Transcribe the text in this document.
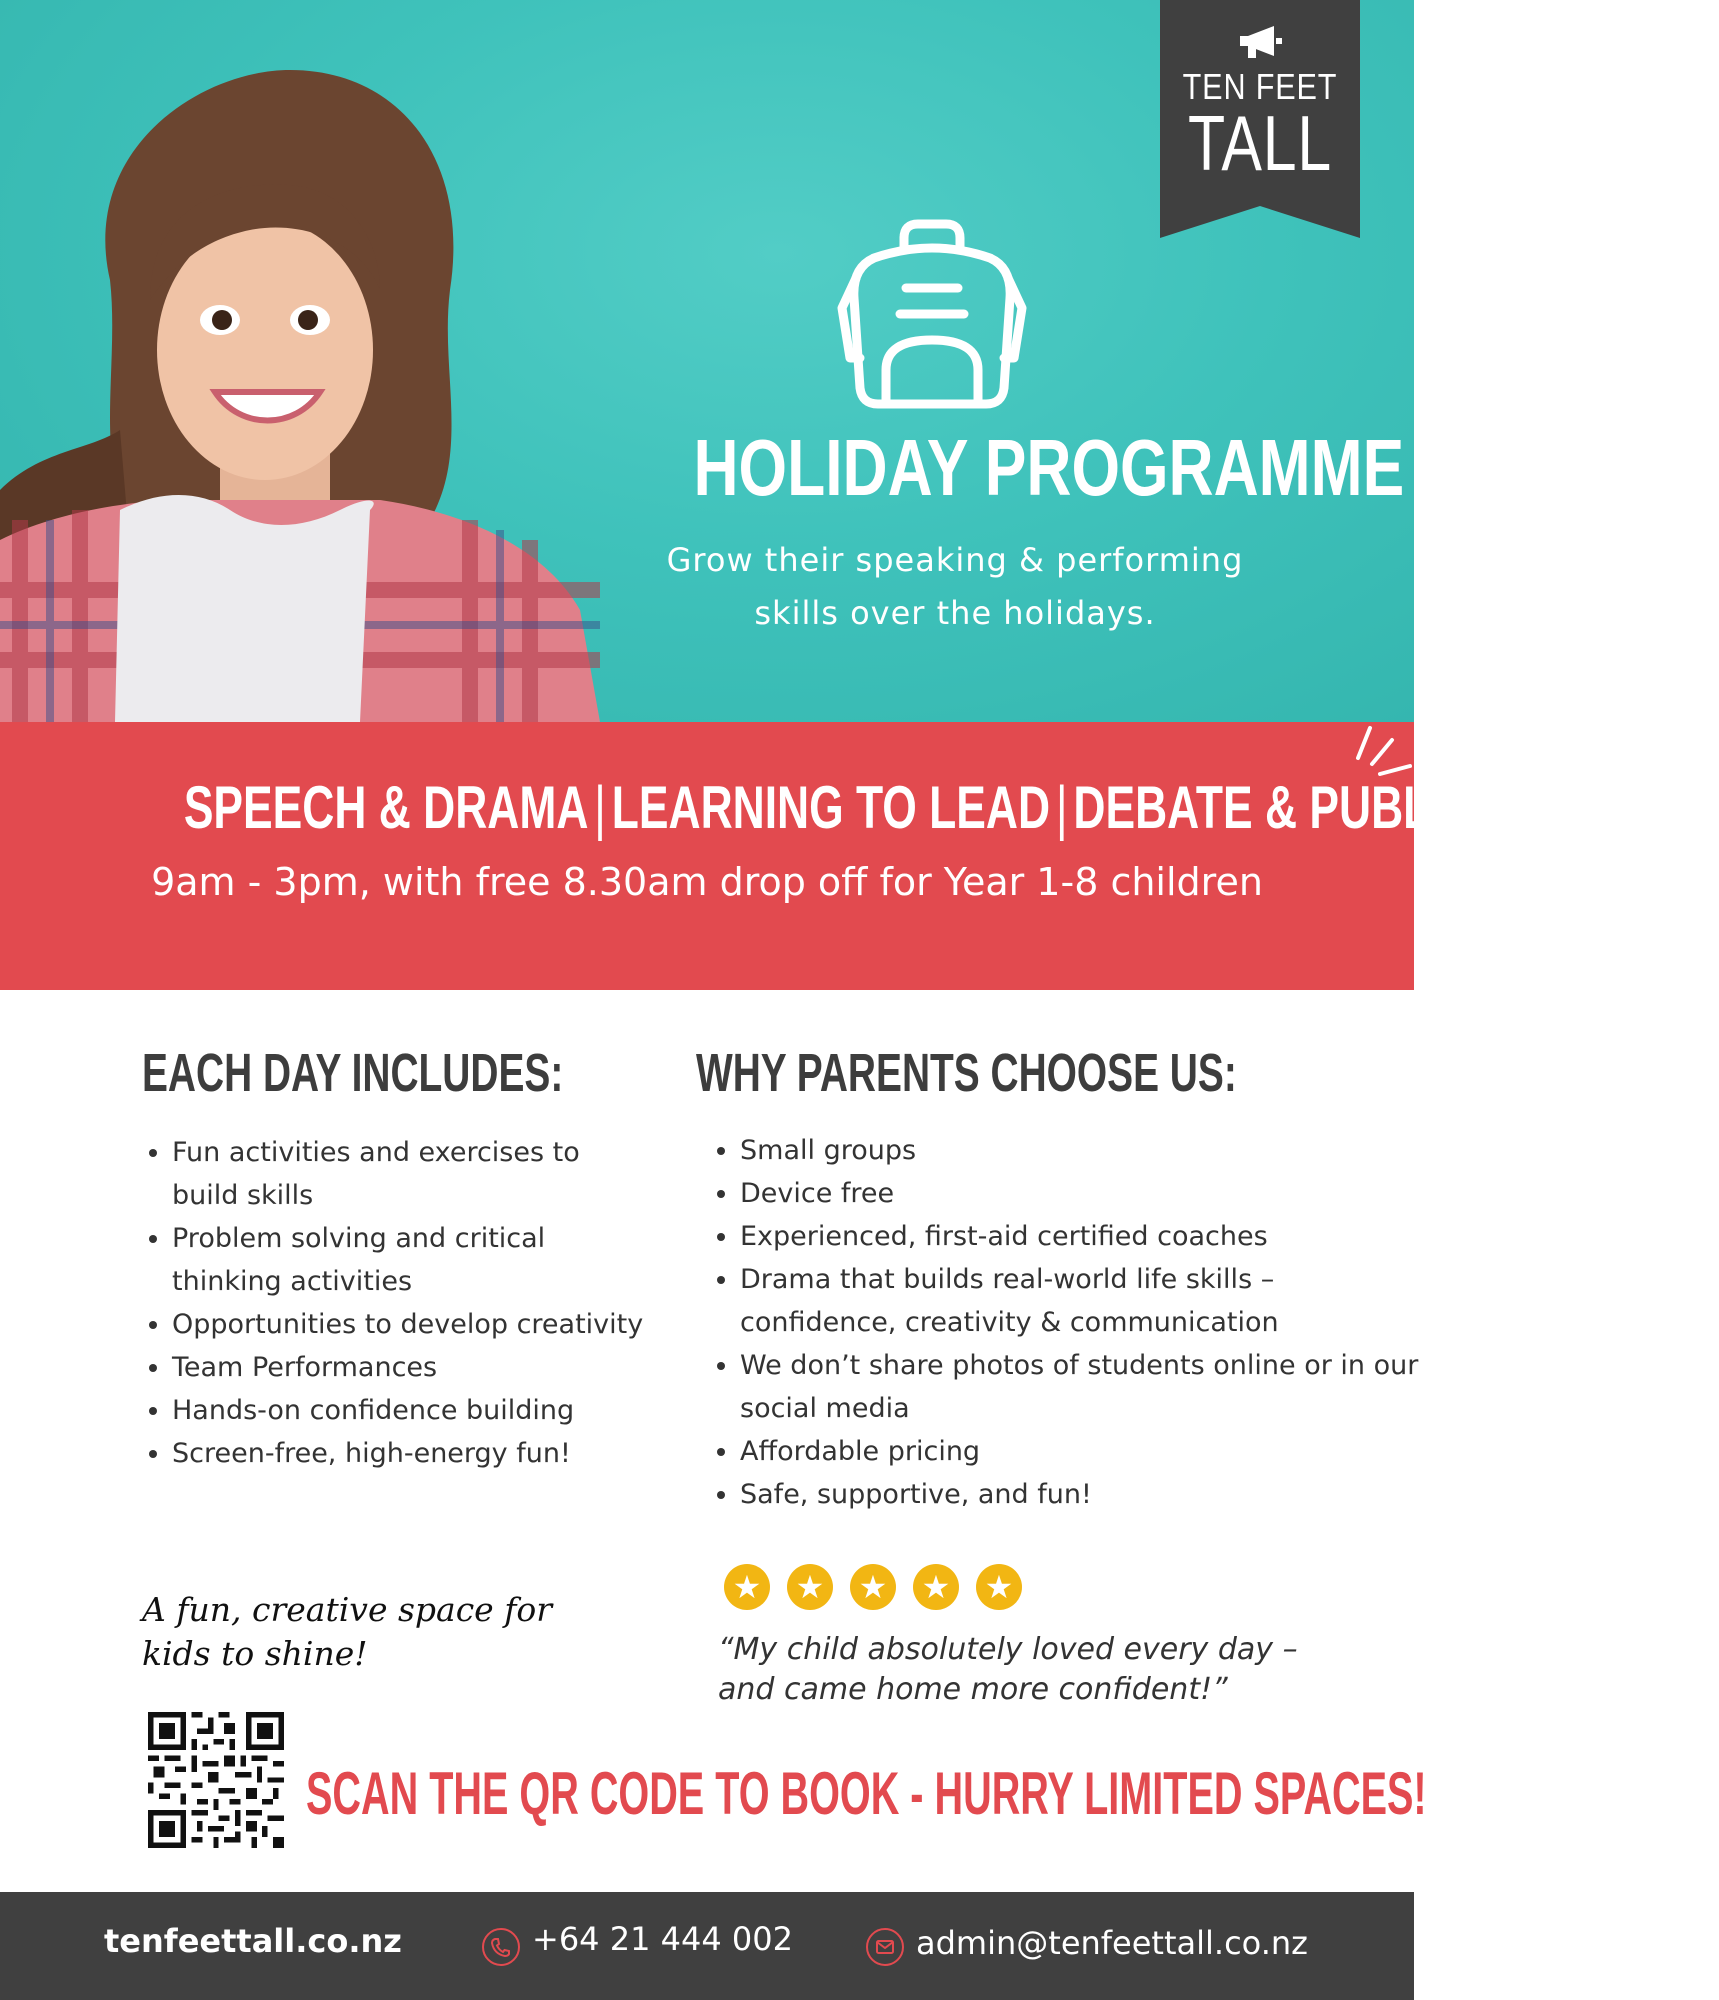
TEN FEET
TALL
HOLIDAY PROGRAMME
Grow their speaking & performing
skills over the holidays.
SPEECH & DRAMA|LEARNING TO LEAD|DEBATE & PUBLIC SPEAKING
9am - 3pm, with free 8.30am drop off for Year 1-8 children
EACH DAY INCLUDES:
• Fun activities and exercises to build skills
• Problem solving and critical thinking activities
• Opportunities to develop creativity
• Team Performances
• Hands-on confidence building
• Screen-free, high-energy fun!
A fun, creative space for kids to shine!
WHY PARENTS CHOOSE US:
• Small groups
• Device free
• Experienced, first-aid certified coaches
• Drama that builds real-world life skills – confidence, creativity & communication
• We don’t share photos of students online or in our social media
• Affordable pricing
• Safe, supportive, and fun!
★ ★ ★ ★ ★
“My child absolutely loved every day – and came home more confident!”
SCAN THE QR CODE TO BOOK - HURRY LIMITED SPACES!
tenfeettall.co.nz	+64 21 444 002	admin@tenfeettall.co.nz
